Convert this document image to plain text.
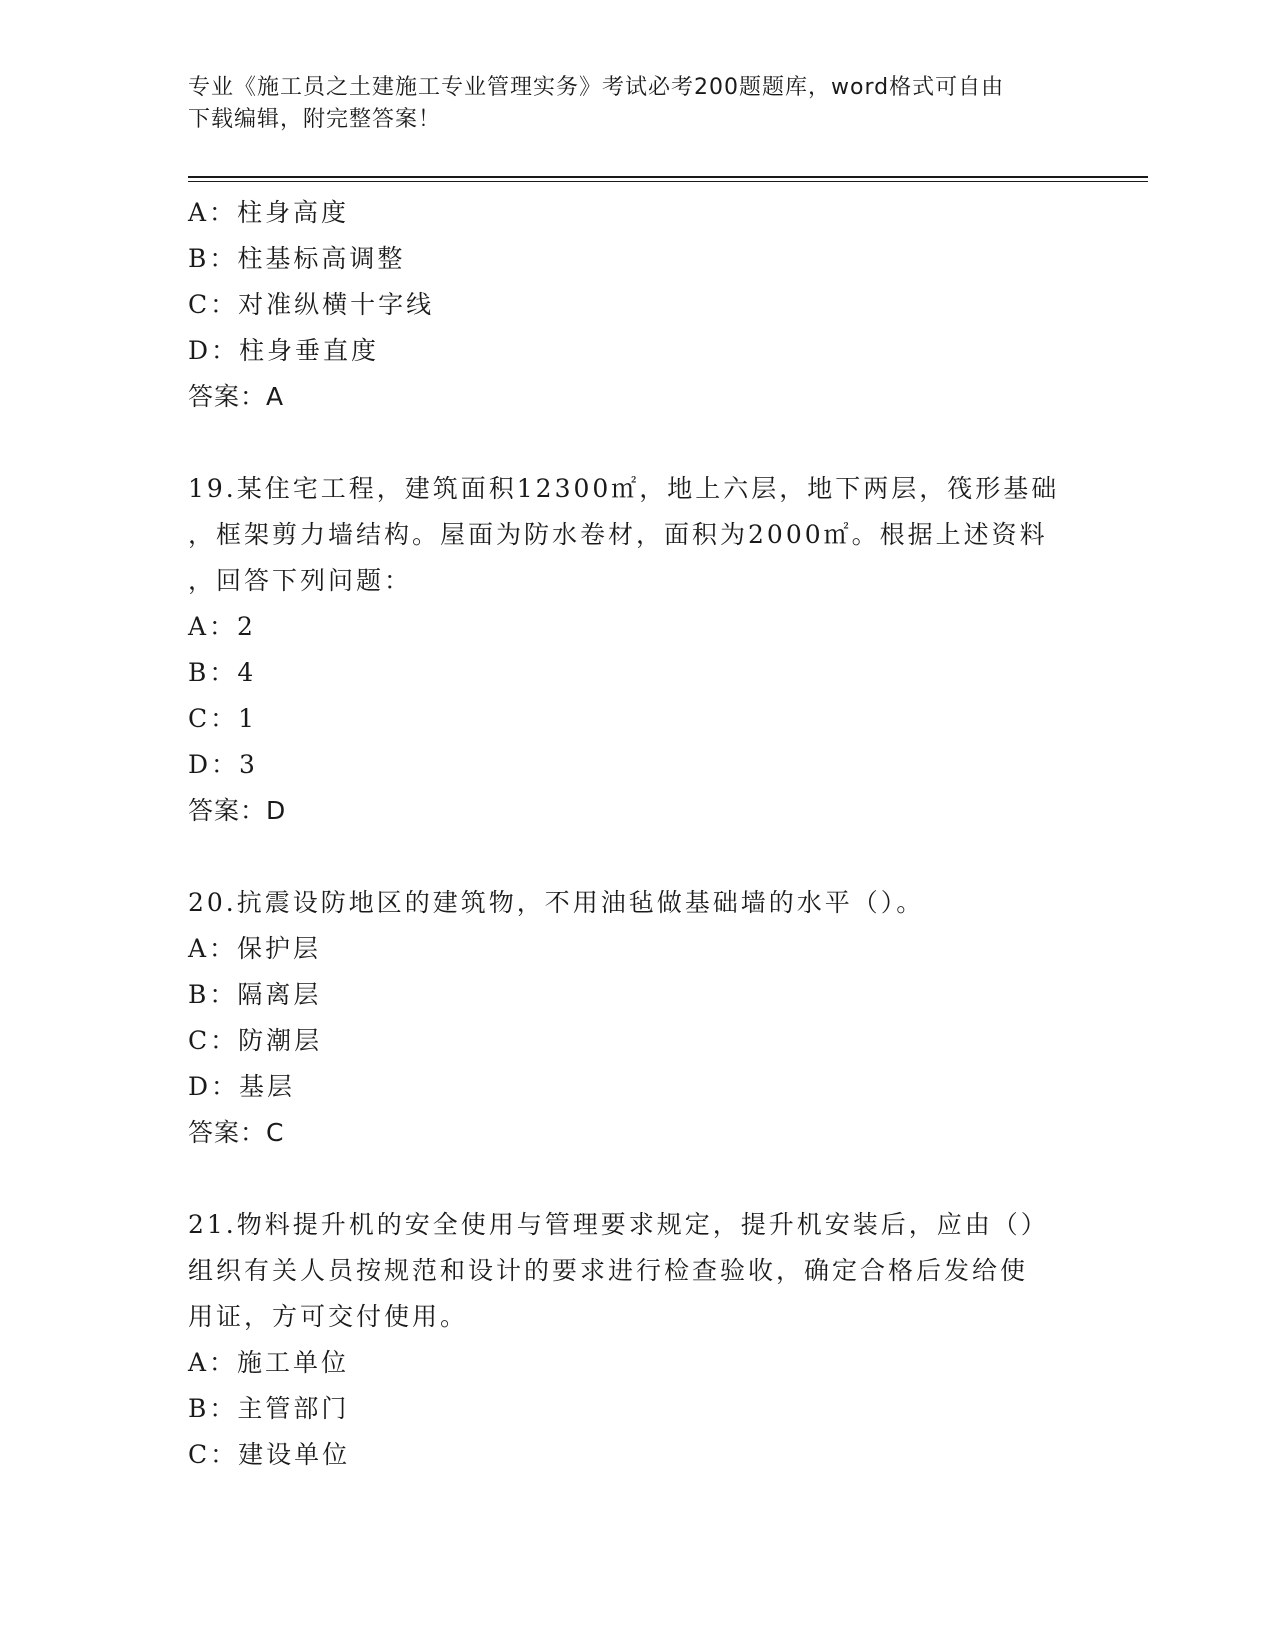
专业《施工员之土建施工专业管理实务》考试必考200题题库，word格式可自由
下载编辑，附完整答案！
A：柱身高度
B：柱基标高调整
C：对准纵横十字线
D：柱身垂直度
答案：A
19.某住宅工程，建筑面积12300㎡，地上六层，地下两层，筏形基础
，框架剪力墙结构。屋面为防水卷材，面积为2000㎡。根据上述资料
，回答下列问题：
A：2
B：4
C：1
D：3
答案：D
20.抗震设防地区的建筑物，不用油毡做基础墙的水平（）。
A：保护层
B：隔离层
C：防潮层
D：基层
答案：C
21.物料提升机的安全使用与管理要求规定，提升机安装后，应由（）
组织有关人员按规范和设计的要求进行检查验收，确定合格后发给使
用证，方可交付使用。
A：施工单位
B：主管部门
C：建设单位
